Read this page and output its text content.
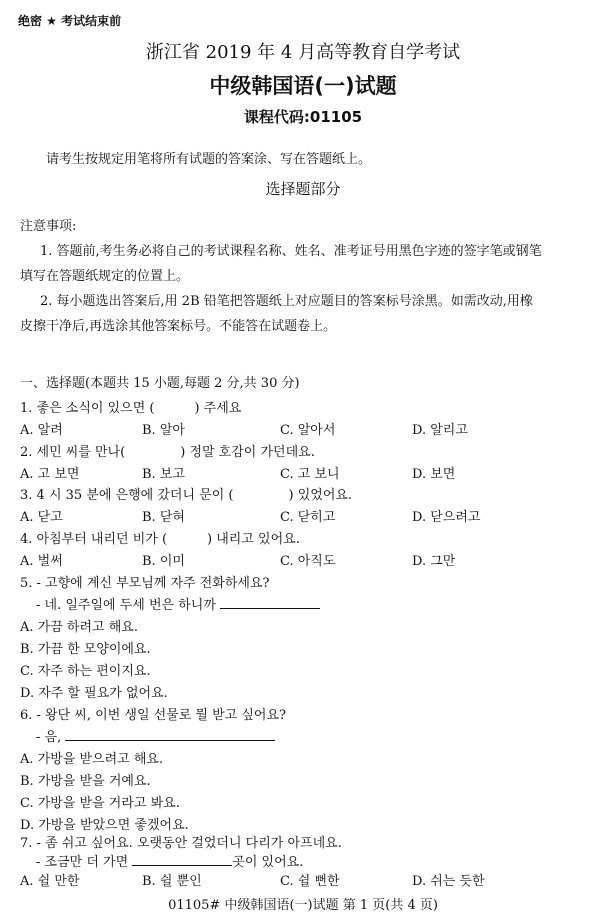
绝密 ★ 考试结束前
浙江省 2019 年 4 月高等教育自学考试
中级韩国语(一)试题
课程代码:01105
请考生按规定用笔将所有试题的答案涂、写在答题纸上。
选择题部分
注意事项:
1. 答题前,考生务必将自己的考试课程名称、姓名、准考证号用黑色字迹的签字笔或钢笔
填写在答题纸规定的位置上。
2. 每小题选出答案后,用 2B 铅笔把答题纸上对应题目的答案标号涂黑。如需改动,用橡
皮擦干净后,再选涂其他答案标号。不能答在试题卷上。
一、选择题(本题共 15 小题,每题 2 分,共 30 分)
1. 좋은 소식이 있으면 (	) 주세요
A. 알려	B. 알아	C. 알아서	D. 알리고
2. 세민 씨를 만나(	) 정말 호감이 가던데요.
A. 고 보면	B. 보고	C. 고 보니	D. 보면
3. 4 시 35 분에 은행에 갔더니 문이 (	) 있었어요.
A. 닫고	B. 닫혀	C. 닫히고	D. 닫으려고
4. 아침부터 내리던 비가 (	) 내리고 있어요.
A. 벌써	B. 이미	C. 아직도	D. 그만
5. - 고향에 계신 부모님께 자주 전화하세요?
- 네. 일주일에 두세 번은 하니까
A. 가끔 하려고 해요.
B. 가끔 한 모양이에요.
C. 자주 하는 편이지요.
D. 자주 할 필요가 없어요.
6. - 왕단 씨, 이번 생일 선물로 뭘 받고 싶어요?
- 음,
A. 가방을 받으려고 해요.
B. 가방을 받을 거예요.
C. 가방을 받을 거라고 봐요.
D. 가방을 받았으면 좋겠어요.
7. - 좀 쉬고 싶어요. 오랫동안 걸었더니 다리가 아프네요.
- 조금만 더 가면	곳이 있어요.
01105# 中级韩国语(一)试题 第 1 页(共 4 页)
A. 쉴 만한	B. 쉴 뿐인	C. 쉴 뻔한	D. 쉬는 듯한
